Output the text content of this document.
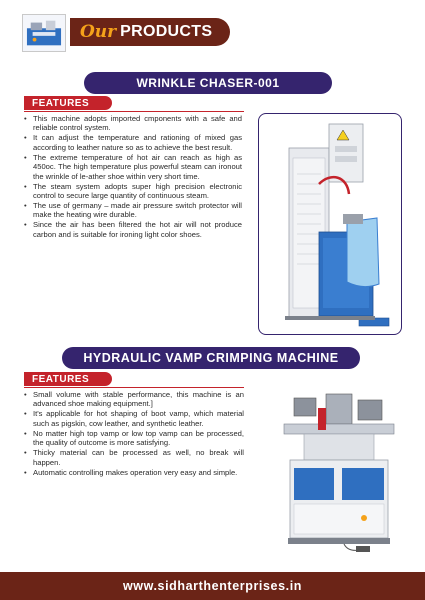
Our PRODUCTS
WRINKLE CHASER-001
FEATURES
• This machine adopts imported cmponents with a safe and reliable control system.
• It can adjust the temperature and rationing of mixed gas according to leather nature so as to achieve the best result.
• The extreme temperature of hot air can reach as high as 450oc. The high temperature plus powerful steam can ironout the wrinkle of le-ather shoe within very short time.
• The steam system adopts super high precision electronic control to secure large quantity of continuous steam.
• The use of germany – made air pressure switch protector will make the heating wire durable.
• Since the air has been filtered the hot air will not produce carbon and is suitable for ironing light color shoes.
HYDRAULIC VAMP CRIMPING MACHINE
FEATURES
• Small volume with stable performance, this machine is an advanced shoe making equipment.]
• It's applicable for hot shaping of boot vamp, which material such as pigskin, cow leather, and synthetic leather.
• No matter high top vamp or low top vamp can be processed, the quality of outcome is more satisfying.
• Thicky material can be processed as well, no break will happen.
• Automatic controlling makes operation very easy and simple.
www.sidharthenterprises.in
